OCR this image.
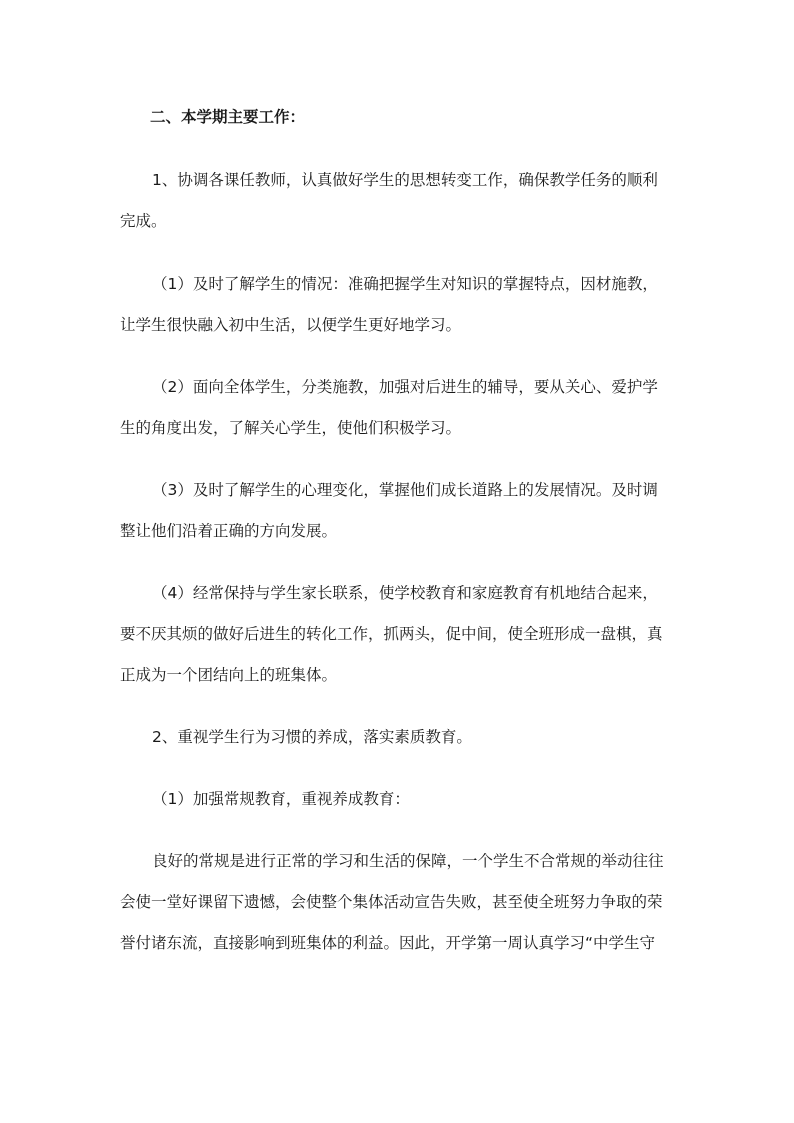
二、本学期主要工作：
1、协调各课任教师，认真做好学生的思想转变工作，确保教学任务的顺利
完成。
（1）及时了解学生的情况：准确把握学生对知识的掌握特点，因材施教，
让学生很快融入初中生活，以便学生更好地学习。
（2）面向全体学生，分类施教，加强对后进生的辅导，要从关心、爱护学
生的角度出发，了解关心学生，使他们积极学习。
（3）及时了解学生的心理变化，掌握他们成长道路上的发展情况。及时调
整让他们沿着正确的方向发展。
（4）经常保持与学生家长联系，使学校教育和家庭教育有机地结合起来，
要不厌其烦的做好后进生的转化工作，抓两头，促中间，使全班形成一盘棋，真
正成为一个团结向上的班集体。
2、重视学生行为习惯的养成，落实素质教育。
（1）加强常规教育，重视养成教育：
良好的常规是进行正常的学习和生活的保障，一个学生不合常规的举动往往
会使一堂好课留下遗憾，会使整个集体活动宣告失败，甚至使全班努力争取的荣
誉付诸东流，直接影响到班集体的利益。因此，开学第一周认真学习“中学生守
